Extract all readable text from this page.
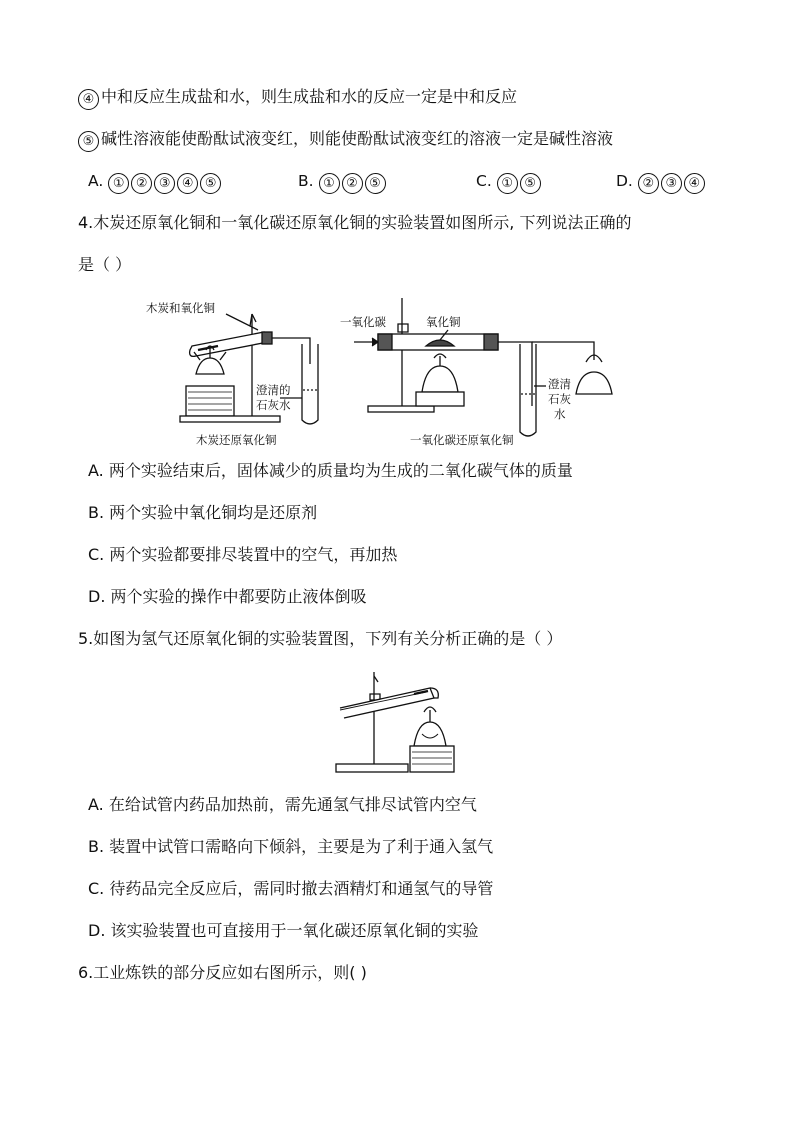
④ 中和反应生成盐和水，则生成盐和水的反应一定是中和反应
⑤ 碱性溶液能使酚酞试液变红，则能使酚酞试液变红的溶液一定是碱性溶液
A. ① ② ③ ④ ⑤	B. ① ② ⑤	C. ① ⑤	D. ② ③ ④
4.木炭还原氧化铜和一氧化碳还原氧化铜的实验装置如图所示, 下列说法正确的
是（ ）
木炭和氧化铜
澄清的
石灰水
木炭还原氧化铜
一氧化碳	氧化铜
澄清
石灰
水
一氧化碳还原氧化铜
A. 两个实验结束后，固体减少的质量均为生成的二氧化碳气体的质量
B. 两个实验中氧化铜均是还原剂
C. 两个实验都要排尽装置中的空气，再加热
D. 两个实验的操作中都要防止液体倒吸
5.如图为氢气还原氧化铜的实验装置图，下列有关分析正确的是（ ）
A. 在给试管内药品加热前，需先通氢气排尽试管内空气
B. 装置中试管口需略向下倾斜，主要是为了利于通入氢气
C. 待药品完全反应后，需同时撤去酒精灯和通氢气的导管
D. 该实验装置也可直接用于一氧化碳还原氧化铜的实验
6.工业炼铁的部分反应如右图所示，则( )
